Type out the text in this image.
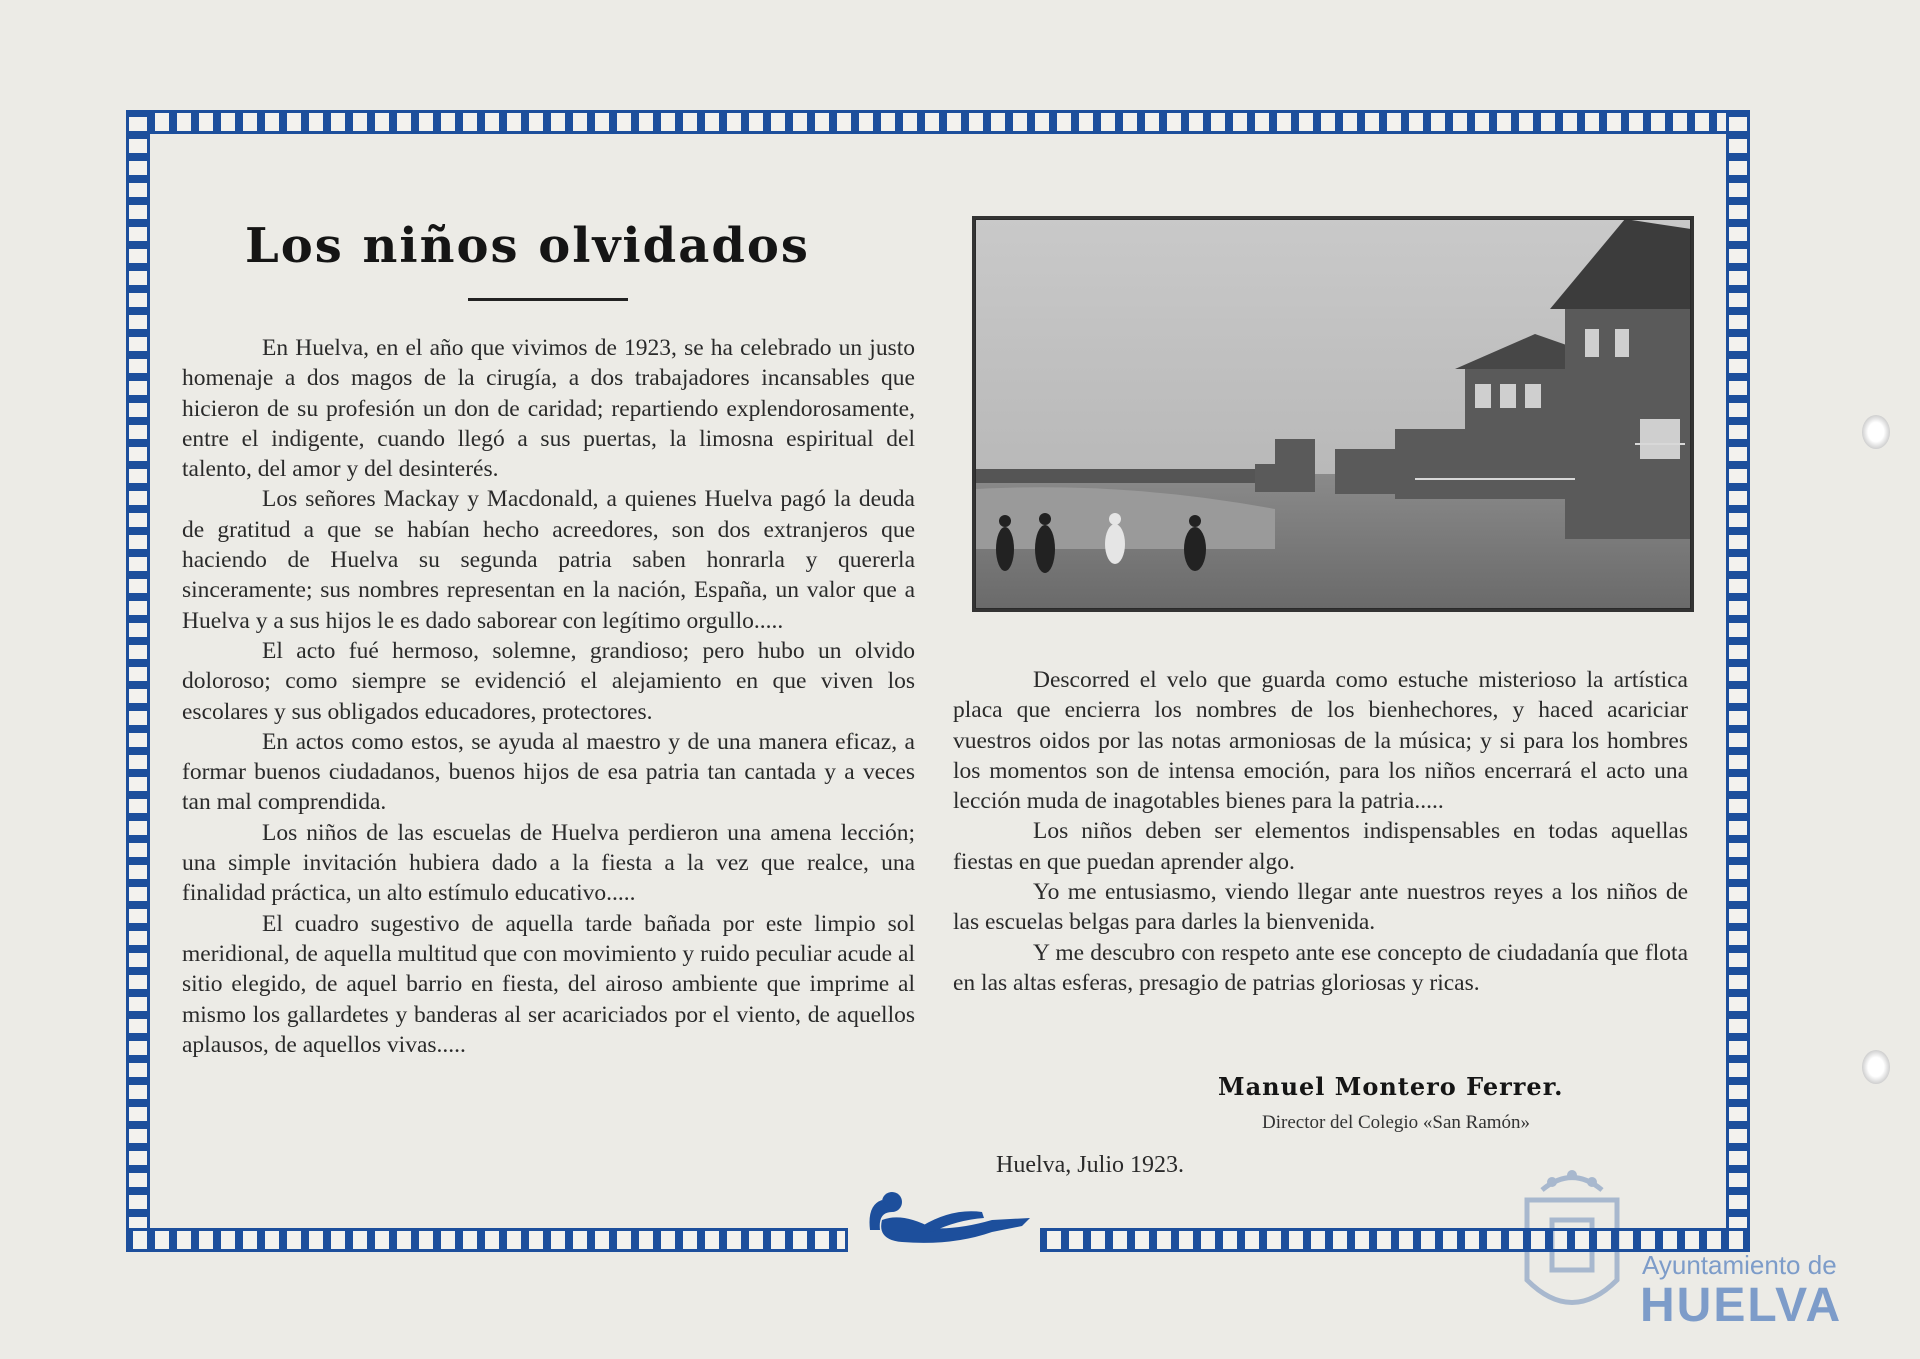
Los niños olvidados

En Huelva, en el año que vivimos de 1923, se ha celebrado un justo homenaje a dos magos de la cirugía, a dos trabajadores incansables que hicieron de su profesión un don de caridad; repartiendo explendorosamente, entre el indigente, cuando llegó a sus puertas, la limosna espiritual del talento, del amor y del desinterés.

Los señores Mackay y Macdonald, a quienes Huelva pagó la deuda de gratitud a que se habían hecho acreedores, son dos extranjeros que haciendo de Huelva su segunda patria saben honrarla y quererla sinceramente; sus nombres representan en la nación, España, un valor que a Huelva y a sus hijos le es dado saborear con legítimo orgullo.....

El acto fué hermoso, solemne, grandioso; pero hubo un olvido doloroso; como siempre se evidenció el alejamiento en que viven los escolares y sus obligados educadores, protectores.

En actos como estos, se ayuda al maestro y de una manera eficaz, a formar buenos ciudadanos, buenos hijos de esa patria tan cantada y a veces tan mal comprendida.

Los niños de las escuelas de Huelva perdieron una amena lección; una simple invitación hubiera dado a la fiesta a la vez que realce, una finalidad práctica, un alto estímulo educativo.....

El cuadro sugestivo de aquella tarde bañada por este limpio sol meridional, de aquella multitud que con movimiento y ruido peculiar acude al sitio elegido, de aquel barrio en fiesta, del airoso ambiente que imprime al mismo los gallardetes y banderas al ser acariciados por el viento, de aquellos aplausos, de aquellos vivas.....

Descorred el velo que guarda como estuche misterioso la artística placa que encierra los nombres de los bienhechores, y haced acariciar vuestros oidos por las notas armoniosas de la música; y si para los hombres los momentos son de intensa emoción, para los niños encerrará el acto una lección muda de inagotables bienes para la patria.....

Los niños deben ser elementos indispensables en todas aquellas fiestas en que puedan aprender algo.

Yo me entusiasmo, viendo llegar ante nuestros reyes a los niños de las escuelas belgas para darles la bienvenida.

Y me descubro con respeto ante ese concepto de ciudadanía que flota en las altas esferas, presagio de patrias gloriosas y ricas.

Manuel Montero Ferrer.

Director del Colegio «San Ramón»

Huelva, Julio 1923.

Ayuntamiento de

HUELVA
